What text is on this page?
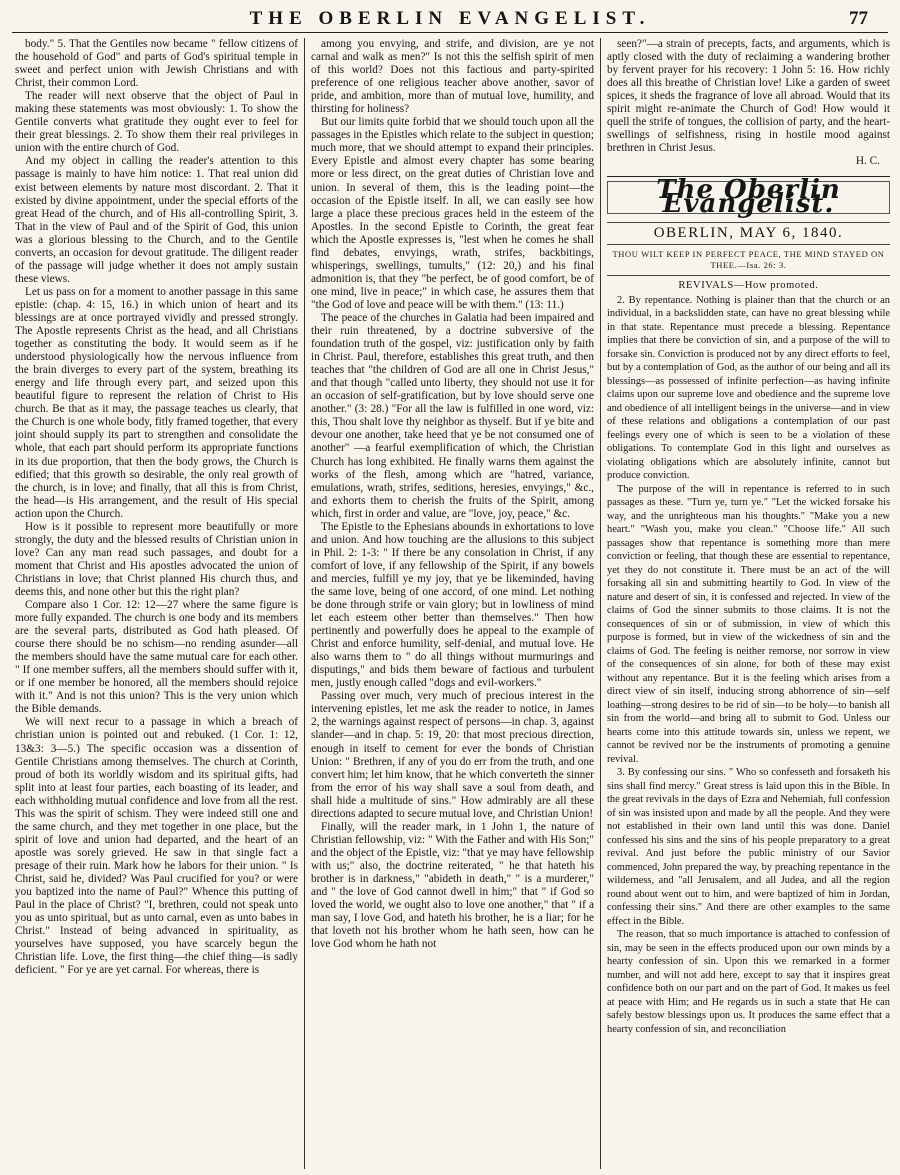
THE OBERLIN EVANGELIST.	77

body." 5. That the Gentiles now became " fellow citizens of the household of God" and parts of God's spiritual temple in sweet and perfect union with Jewish Christians and with Christ, their common Lord.

The reader will next observe that the object of Paul in making these statements was most obviously: 1. To show the Gentile converts what gratitude they ought ever to feel for their great blessings. 2. To show them their real privileges in union with the entire church of God.

And my object in calling the reader's attention to this passage is mainly to have him notice: 1. That real union did exist between elements by nature most discordant. 2. That it existed by divine appointment, under the special efforts of the great Head of the church, and of His all-controlling Spirit, 3. That in the view of Paul and of the Spirit of God, this union was a glorious blessing to the Church, and to the Gentile converts, an occasion for devout gratitude. The diligent reader of the passage will judge whether it does not amply sustain these views.

Let us pass on for a moment to another passage in this same epistle: (chap. 4: 15, 16.) in which union of heart and its blessings are at once portrayed vividly and pressed strongly. The Apostle represents Christ as the head, and all Christians together as constituting the body. It would seem as if he understood physiologically how the nervous influence from the brain diverges to every part of the system, breathing its energy and life through every part, and seized upon this beautiful figure to represent the relation of Christ to His church. Be that as it may, the passage teaches us clearly, that the Church is one whole body, fitly framed together, that every joint should supply its part to strengthen and consolidate the whole, that each part should perform its appropriate functions in its due proportion, that then the body grows, the Church is edified; that this growth so desirable, the only real growth of the church, is in love; and finally, that all this is from Christ, the head—is His arrangement, and the result of His special action upon the Church.

How is it possible to represent more beautifully or more strongly, the duty and the blessed results of Christian union in love? Can any man read such passages, and doubt for a moment that Christ and His apostles advocated the union of Christians in love; that Christ planned His church thus, and deems this, and none other but this the right plan?

Compare also 1 Cor. 12: 12—27 where the same figure is more fully expanded. The church is one body and its members are the several parts, distributed as God hath pleased. Of course there should be no schism—no rending asunder—all the members should have the same mutual care for each other. " If one member suffers, all the members should suffer with it, or if one member be honored, all the members should rejoice with it." And is not this union? This is the very union which the Bible demands.

We will next recur to a passage in which a breach of christian union is pointed out and rebuked. (1 Cor. 1: 12, 13&3: 3—5.) The specific occasion was a dissention of Gentile Christians among themselves. The church at Corinth, proud of both its worldly wisdom and its spiritual gifts, had split into at least four parties, each boasting of its leader, and each withholding mutual confidence and love from all the rest. This was the spirit of schism. They were indeed still one and the same church, and they met together in one place, but the spirit of love and union had departed, and the heart of an apostle was sorely grieved. He saw in that single fact a presage of their ruin. Mark how he labors for their union. " Is Christ, said he, divided? Was Paul crucified for you? or were you baptized into the name of Paul?" Whence this putting of Paul in the place of Christ? "I, brethren, could not speak unto you as unto spiritual, but as unto carnal, even as unto babes in Christ." Instead of being advanced in spirituality, as yourselves have supposed, you have scarcely begun the Christian life. Love, the first thing—the chief thing—is sadly deficient. " For ye are yet carnal. For whereas, there is

among you envying, and strife, and division, are ye not carnal and walk as men?" Is not this the selfish spirit of men of this world? Does not this factious and party-spirited preference of one religious teacher above another, savor of pride, and ambition, more than of mutual love, humility, and thirsting for holiness?

But our limits quite forbid that we should touch upon all the passages in the Epistles which relate to the subject in question; much more, that we should attempt to expand their principles. Every Epistle and almost every chapter has some bearing more or less direct, on the great duties of Christian love and union. In several of them, this is the leading point—the occasion of the Epistle itself. In all, we can easily see how large a place these precious graces held in the esteem of the Apostles. In the second Epistle to Corinth, the great fear which the Apostle expresses is, "lest when he comes he shall find debates, envyings, wrath, strifes, backbitings, whisperings, swellings, tumults," (12: 20,) and his final admonition is, that they "be perfect, be of good comfort, be of one mind, live in peace;" in which case, he assures them that "the God of love and peace will be with them." (13: 11.)

The peace of the churches in Galatia had been impaired and their ruin threatened, by a doctrine subversive of the foundation truth of the gospel, viz: justification only by faith in Christ. Paul, therefore, establishes this great truth, and then teaches that "the children of God are all one in Christ Jesus," and that though "called unto liberty, they should not use it for an occasion of self-gratification, but by love should serve one another." (3: 28.) "For all the law is fulfilled in one word, viz: this, Thou shalt love thy neighbor as thyself. But if ye bite and devour one another, take heed that ye be not consumed one of another" —a fearful exemplification of which, the Christian Church has long exhibited. He finally warns them against the works of the flesh, among which are "hatred, variance, emulations, wrath, strifes, seditions, heresies, envyings," &c., and exhorts them to cherish the fruits of the Spirit, among which, first in order and value, are "love, joy, peace," &c.

The Epistle to the Ephesians abounds in exhortations to love and union. And how touching are the allusions to this subject in Phil. 2: 1-3: " If there be any consolation in Christ, if any comfort of love, if any fellowship of the Spirit, if any bowels and mercies, fulfill ye my joy, that ye be likeminded, having the same love, being of one accord, of one mind. Let nothing be done through strife or vain glory; but in lowliness of mind let each esteem other better than themselves." Then how pertinently and powerfully does he appeal to the example of Christ and enforce humility, self-denial, and mutual love. He also warns them to " do all things without murmurings and disputings," and bids them beware of factious and turbulent men, justly enough called "dogs and evil-workers."

Passing over much, very much of precious interest in the intervening epistles, let me ask the reader to notice, in James 2, the warnings against respect of persons—in chap. 3, against slander—and in chap. 5: 19, 20: that most precious direction, enough in itself to cement for ever the bonds of Christian Union: " Brethren, if any of you do err from the truth, and one convert him; let him know, that he which converteth the sinner from the error of his way shall save a soul from death, and shall hide a multitude of sins." How admirably are all these directions adapted to secure mutual love, and Christian Union!

Finally, will the reader mark, in 1 John 1, the nature of Christian fellowship, viz: " With the Father and with His Son;" and the object of the Epistle, viz: "that ye may have fellowship with us;" also, the doctrine reiterated, " he that hateth his brother is in darkness," "abideth in death," " is a murderer," and " the love of God cannot dwell in him;" that " if God so loved the world, we ought also to love one another," that " if a man say, I love God, and hateth his brother, he is a liar; for he that loveth not his brother whom he hath seen, how can he love God whom he hath not

seen?"—a strain of precepts, facts, and arguments, which is aptly closed with the duty of reclaiming a wandering brother by fervent prayer for his recovery: 1 John 5: 16. How richly does all this breathe of Christian love! Like a garden of sweet spices, it sheds the fragrance of love all abroad. Would that its spirit might re-animate the Church of God! How would it quell the strife of tongues, the collision of party, and the heart-swellings of selfishness, rising in hostile mood against brethren in Christ Jesus.

H. C.
The Oberlin Evangelist.
OBERLIN, MAY 6, 1840.
THOU WILT KEEP IN PERFECT PEACE, THE MIND STAYED ON THEE.—Isa. 26: 3.
REVIVALS—How promoted.

2. By repentance. Nothing is plainer than that the church or an individual, in a backslidden state, can have no great blessing while in that state. Repentance must precede a blessing. Repentance implies that there be conviction of sin, and a purpose of the will to forsake sin. Conviction is produced not by any direct efforts to feel, but by a contemplation of God, as the author of our being and all its blessings—as possessed of infinite perfection—as having infinite claims upon our supreme love and obedience and the supreme love and obedience of all intelligent beings in the universe—and in view of these relations and obligations a contemplation of our past feelings every one of which is seen to be a violation of these obligations. To contemplate God in this light and ourselves as violating obligations which are absolutely infinite, cannot but produce conviction.

The purpose of the will in repentance is referred to in such passages as these. "Turn ye, turn ye." "Let the wicked forsake his way, and the unrighteous man his thoughts." "Make you a new heart." "Wash you, make you clean." "Choose life." All such passages show that repentance is something more than mere conviction or feeling, that though these are essential to repentance, yet they do not constitute it. There must be an act of the will forsaking all sin and submitting heartily to God. In view of the nature and desert of sin, it is confessed and rejected. In view of the claims of God the sinner submits to those claims. It is not the consequences of sin or of submission, in view of which this purpose is formed, but in view of the wickedness of sin and the claims of God. The feeling is neither remorse, nor sorrow in view of the consequences of sin alone, for both of these may exist without any repentance. But it is the feeling which arises from a direct view of sin itself, inducing strong abhorrence of sin—self loathing—strong desires to be rid of sin—to be holy—to banish all sin from the world—and bring all to submit to God. Unless our hearts come into this attitude towards sin, unless we repent, we cannot be revived nor be the instruments of promoting a genuine revival.

3. By confessing our sins. " Who so confesseth and forsaketh his sins shall find mercy." Great stress is laid upon this in the Bible. In the great revivals in the days of Ezra and Nehemiah, full confession of sin was insisted upon and made by all the people. And they were not established in their own land until this was done. Daniel confessed his sins and the sins of his people preparatory to a great revival. And just before the public ministry of our Savior commenced, John prepared the way, by preaching repentance in the wilderness, and "all Jerusalem, and all Judea, and all the region round about went out to him, and were baptized of him in Jordan, confessing their sins." And there are other examples to the same effect in the Bible.

The reason, that so much importance is attached to confession of sin, may be seen in the effects produced upon our own minds by a hearty confession of sin. Upon this we remarked in a former number, and will not add here, except to say that it inspires great confidence both on our part and on the part of God. It makes us feel at peace with Him; and He regards us in such a state that He can safely bestow blessings upon us. It produces the same effect that a hearty confession of sin, and reconciliation
